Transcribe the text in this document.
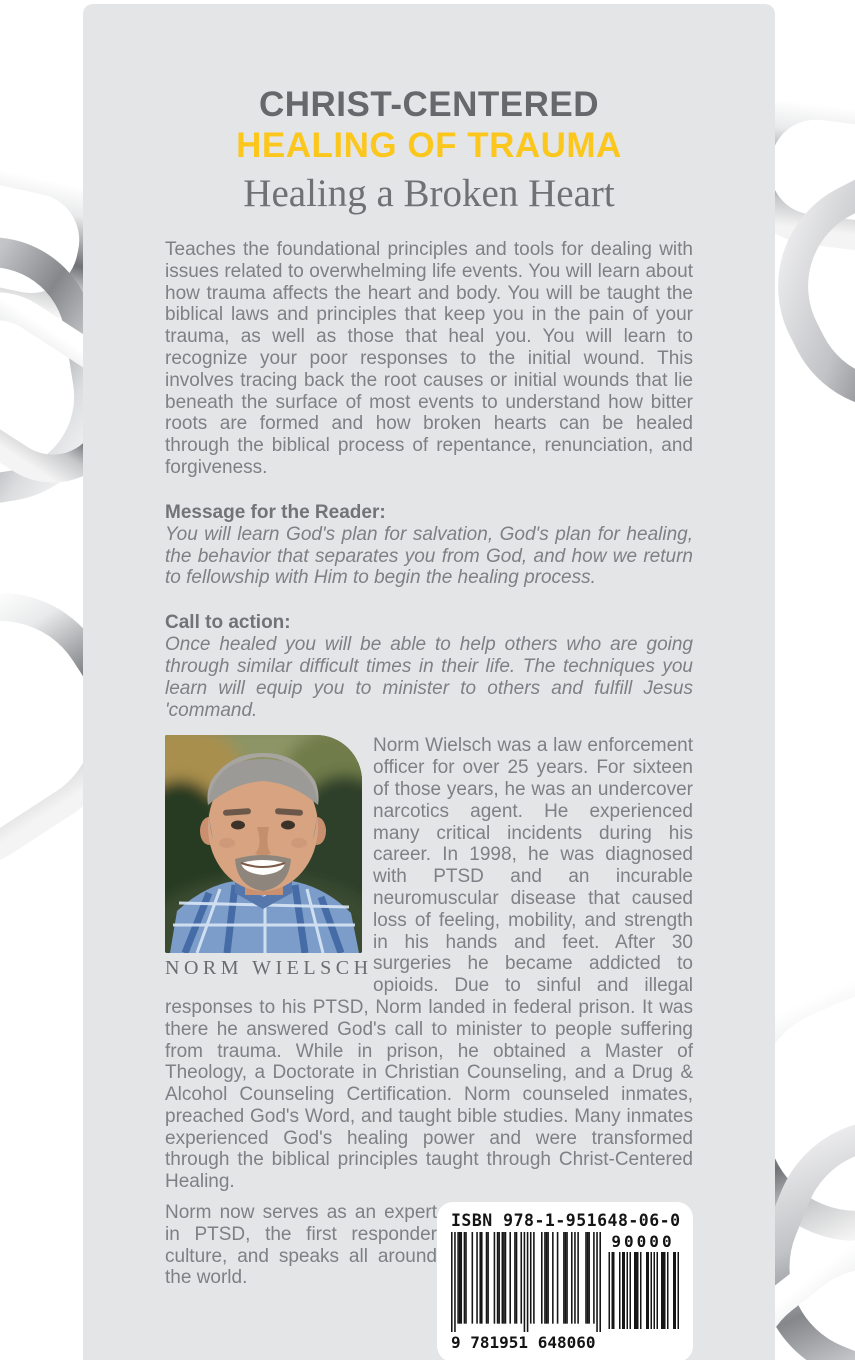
CHRIST-CENTERED
HEALING OF TRAUMA
Healing a Broken Heart

Teaches the foundational principles and tools for dealing with issues related to overwhelming life events. You will learn about how trauma affects the heart and body. You will be taught the biblical laws and principles that keep you in the pain of your trauma, as well as those that heal you. You will learn to recognize your poor responses to the initial wound. This involves tracing back the root causes or initial wounds that lie beneath the surface of most events to understand how bitter roots are formed and how broken hearts can be healed through the biblical process of repentance, renunciation, and forgiveness.

Message for the Reader:

You will learn God's plan for salvation, God's plan for healing, the behavior that separates you from God, and how we return to fellowship with Him to begin the healing process.

Call to action:

Once healed you will be able to help others who are going through similar difficult times in their life. The techniques you learn will equip you to minister to others and fulfill Jesus 'command.

NORM WIELSCH

Norm Wielsch was a law enforcement officer for over 25 years. For sixteen of those years, he was an undercover narcotics agent. He experienced many critical incidents during his career. In 1998, he was diagnosed with PTSD and an incurable neuromuscular disease that caused loss of feeling, mobility, and strength in his hands and feet. After 30 surgeries he became addicted to opioids. Due to sinful and illegal responses to his PTSD, Norm landed in federal prison. It was there he answered God's call to minister to people suffering from trauma. While in prison, he obtained a Master of Theology, a Doctorate in Christian Counseling, and a Drug & Alcohol Counseling Certification. Norm counseled inmates, preached God's Word, and taught bible studies. Many inmates experienced God's healing power and were transformed through the biblical principles taught through Christ-Centered Healing.

Norm now serves as an expert in PTSD, the first responder culture, and speaks all around the world.

ISBN 978-1-951648-06-0
9 781951 648060
90000
